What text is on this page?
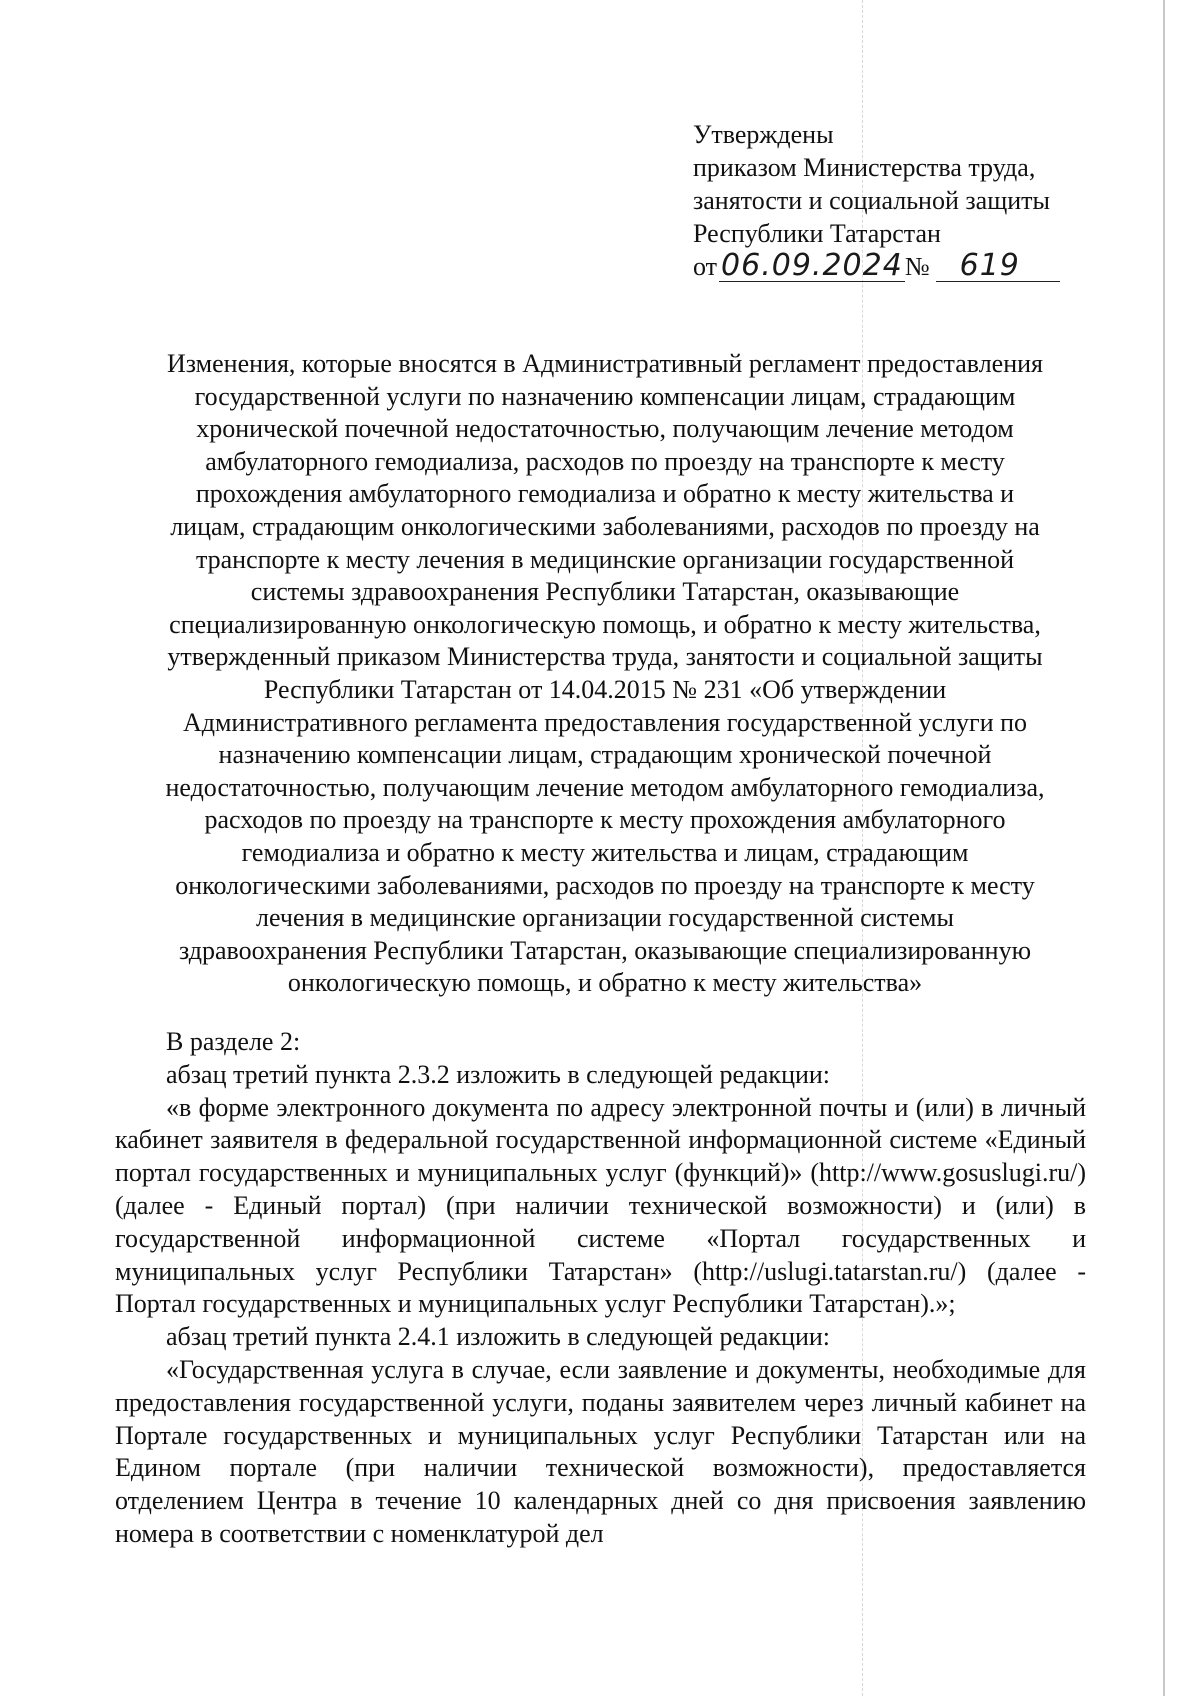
Утверждены
приказом Министерства труда,
занятости и социальной защиты
Республики Татарстан
от 06.09.2024 №	619
Изменения, которые вносятся в Административный регламент предоставления
государственной услуги по назначению компенсации лицам, страдающим
хронической почечной недостаточностью, получающим лечение методом
амбулаторного гемодиализа, расходов по проезду на транспорте к месту
прохождения амбулаторного гемодиализа и обратно к месту жительства и
лицам, страдающим онкологическими заболеваниями, расходов по проезду на
транспорте к месту лечения в медицинские организации государственной
системы здравоохранения Республики Татарстан, оказывающие
специализированную онкологическую помощь, и обратно к месту жительства,
утвержденный приказом Министерства труда, занятости и социальной защиты
Республики Татарстан от 14.04.2015 № 231 «Об утверждении
Административного регламента предоставления государственной услуги по
назначению компенсации лицам, страдающим хронической почечной
недостаточностью, получающим лечение методом амбулаторного гемодиализа,
расходов по проезду на транспорте к месту прохождения амбулаторного
гемодиализа и обратно к месту жительства и лицам, страдающим
онкологическими заболеваниями, расходов по проезду на транспорте к месту
лечения в медицинские организации государственной системы
здравоохранения Республики Татарстан, оказывающие специализированную
онкологическую помощь, и обратно к месту жительства»

В разделе 2:

абзац третий пункта 2.3.2 изложить в следующей редакции:

«в форме электронного документа по адресу электронной почты и (или) в личный кабинет заявителя в федеральной государственной информационной системе «Единый портал государственных и муниципальных услуг (функций)» (http://www.gosuslugi.ru/) (далее - Единый портал) (при наличии технической возможности) и (или) в государственной информационной системе «Портал государственных и муниципальных услуг Республики Татарстан» (http://uslugi.tatarstan.ru/) (далее - Портал государственных и муниципальных услуг Республики Татарстан).»;

абзац третий пункта 2.4.1 изложить в следующей редакции:

«Государственная услуга в случае, если заявление и документы, необходимые для предоставления государственной услуги, поданы заявителем через личный кабинет на Портале государственных и муниципальных услуг Республики Татарстан или на Едином портале (при наличии технической возможности), предоставляется отделением Центра в течение 10 календарных дней со дня присвоения заявлению номера в соответствии с номенклатурой дел
